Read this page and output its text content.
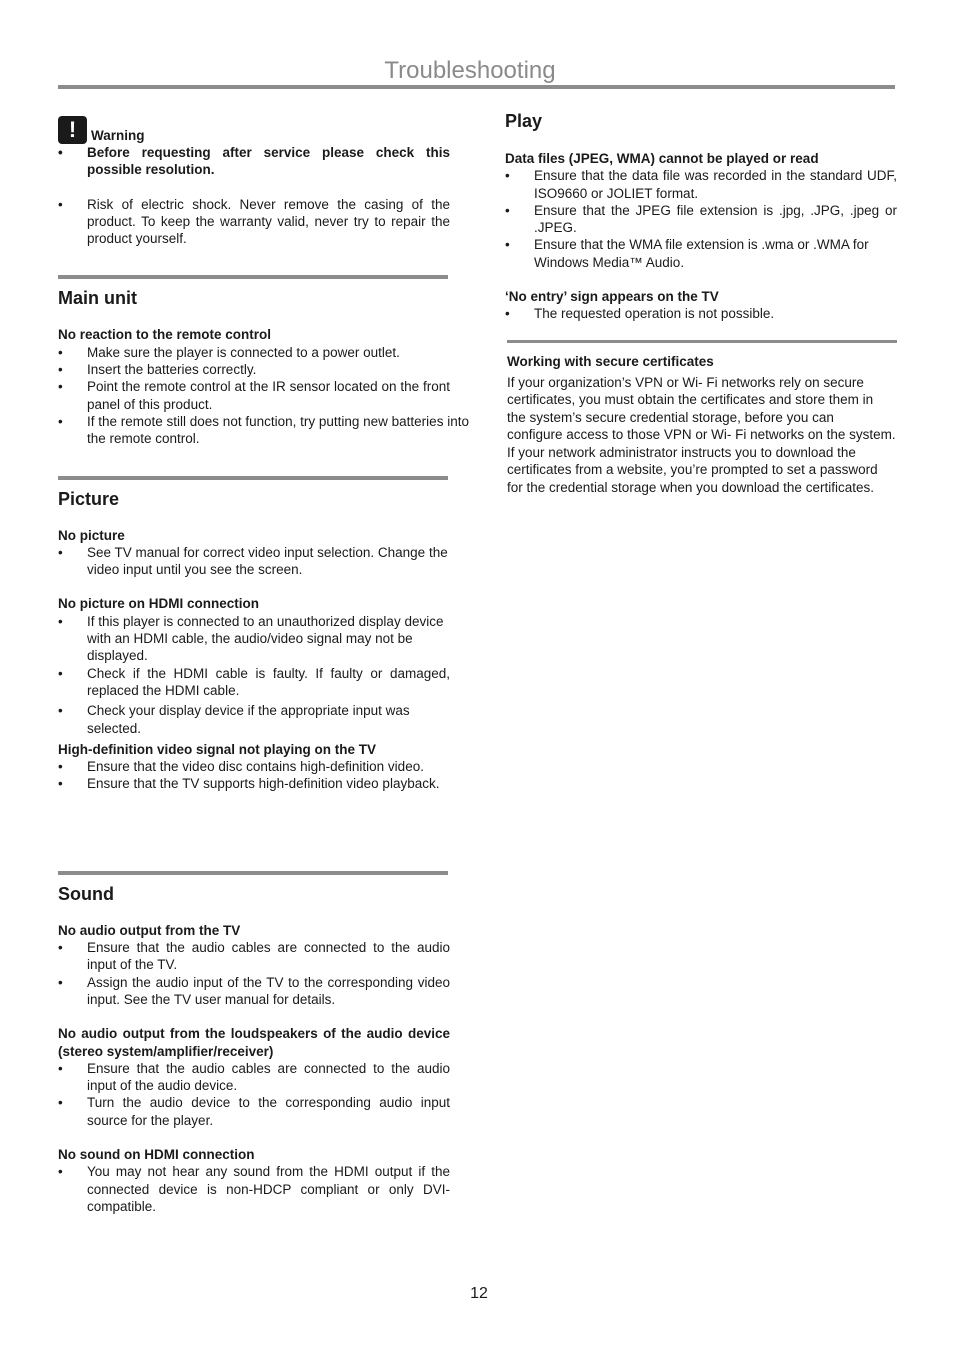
Troubleshooting
!	Warning
• Before requesting after service please check this possible resolution.
• Risk of electric shock. Never remove the casing of the product. To keep the warranty valid, never try to repair the product yourself.
Main unit
No reaction to the remote control
• Make sure the player is connected to a power outlet.
• Insert the batteries correctly.
• Point the remote control at the IR sensor located on the front panel of this product.
• If the remote still does not function, try putting new batteries into the remote control.
Picture
No picture
• See TV manual for correct video input selection. Change the video input until you see the screen.
No picture on HDMI connection
• If this player is connected to an unauthorized display device with an HDMI cable, the audio/video signal may not be displayed.
• Check if the HDMI cable is faulty. If faulty or damaged, replaced the HDMI cable.
• Check your display device if the appropriate input was selected.
High-definition video signal not playing on the TV
• Ensure that the video disc contains high-definition video.
• Ensure that the TV supports high-definition video playback.
Sound
No audio output from the TV
• Ensure that the audio cables are connected to the audio input of the TV.
• Assign the audio input of the TV to the corresponding video input. See the TV user manual for details.
No audio output from the loudspeakers of the audio device (stereo system/amplifier/receiver)
• Ensure that the audio cables are connected to the audio input of the audio device.
• Turn the audio device to the corresponding audio input source for the player.
No sound on HDMI connection
• You may not hear any sound from the HDMI output if the connected device is non-HDCP compliant or only DVI-compatible.
Play
Data files (JPEG, WMA) cannot be played or read
• Ensure that the data file was recorded in the standard UDF, ISO9660 or JOLIET format.
• Ensure that the JPEG file extension is .jpg, .JPG, .jpeg or .JPEG.
• Ensure that the WMA file extension is .wma or .WMA for Windows Media™ Audio.
‘No entry’ sign appears on the TV
• The requested operation is not possible.
Working with secure certificates
If your organization’s VPN or Wi- Fi networks rely on secure
certificates, you must obtain the certificates and store them in
the system’s secure credential storage, before you can
configure access to those VPN or Wi- Fi networks on the system.
If your network administrator instructs you to download the
certificates from a website, you’re prompted to set a password
for the credential storage when you download the certificates.
12
